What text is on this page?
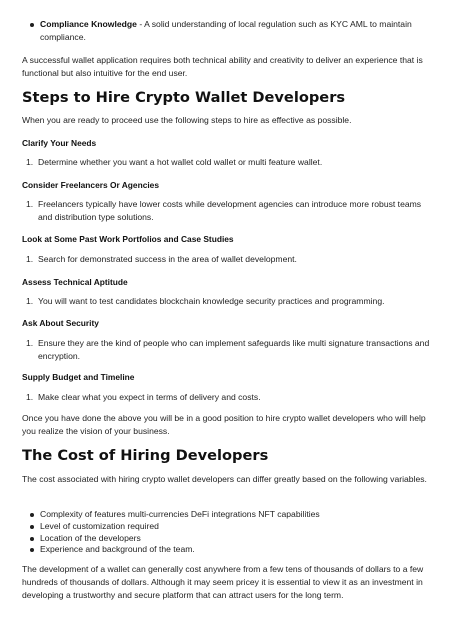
Compliance Knowledge - A solid understanding of local regulation such as KYC AML to maintain compliance.

A successful wallet application requires both technical ability and creativity to deliver an experience that is functional but also intuitive for the end user.

Steps to Hire Crypto Wallet Developers

When you are ready to proceed use the following steps to hire as effective as possible.

Clarify Your Needs
1. Determine whether you want a hot wallet cold wallet or multi feature wallet.
Consider Freelancers Or Agencies
1. Freelancers typically have lower costs while development agencies can introduce more robust teams and distribution type solutions.
Look at Some Past Work Portfolios and Case Studies
1. Search for demonstrated success in the area of wallet development.
Assess Technical Aptitude
1. You will want to test candidates blockchain knowledge security practices and programming.
Ask About Security
1. Ensure they are the kind of people who can implement safeguards like multi signature transactions and encryption.
Supply Budget and Timeline
1. Make clear what you expect in terms of delivery and costs.

Once you have done the above you will be in a good position to hire crypto wallet developers who will help you realize the vision of your business.

The Cost of Hiring Developers

The cost associated with hiring crypto wallet developers can differ greatly based on the following variables.

Complexity of features multi-currencies DeFi integrations NFT capabilities
Level of customization required
Location of the developers
Experience and background of the team.

The development of a wallet can generally cost anywhere from a few tens of thousands of dollars to a few hundreds of thousands of dollars. Although it may seem pricey it is essential to view it as an investment in developing a trustworthy and secure platform that can attract users for the long term.
